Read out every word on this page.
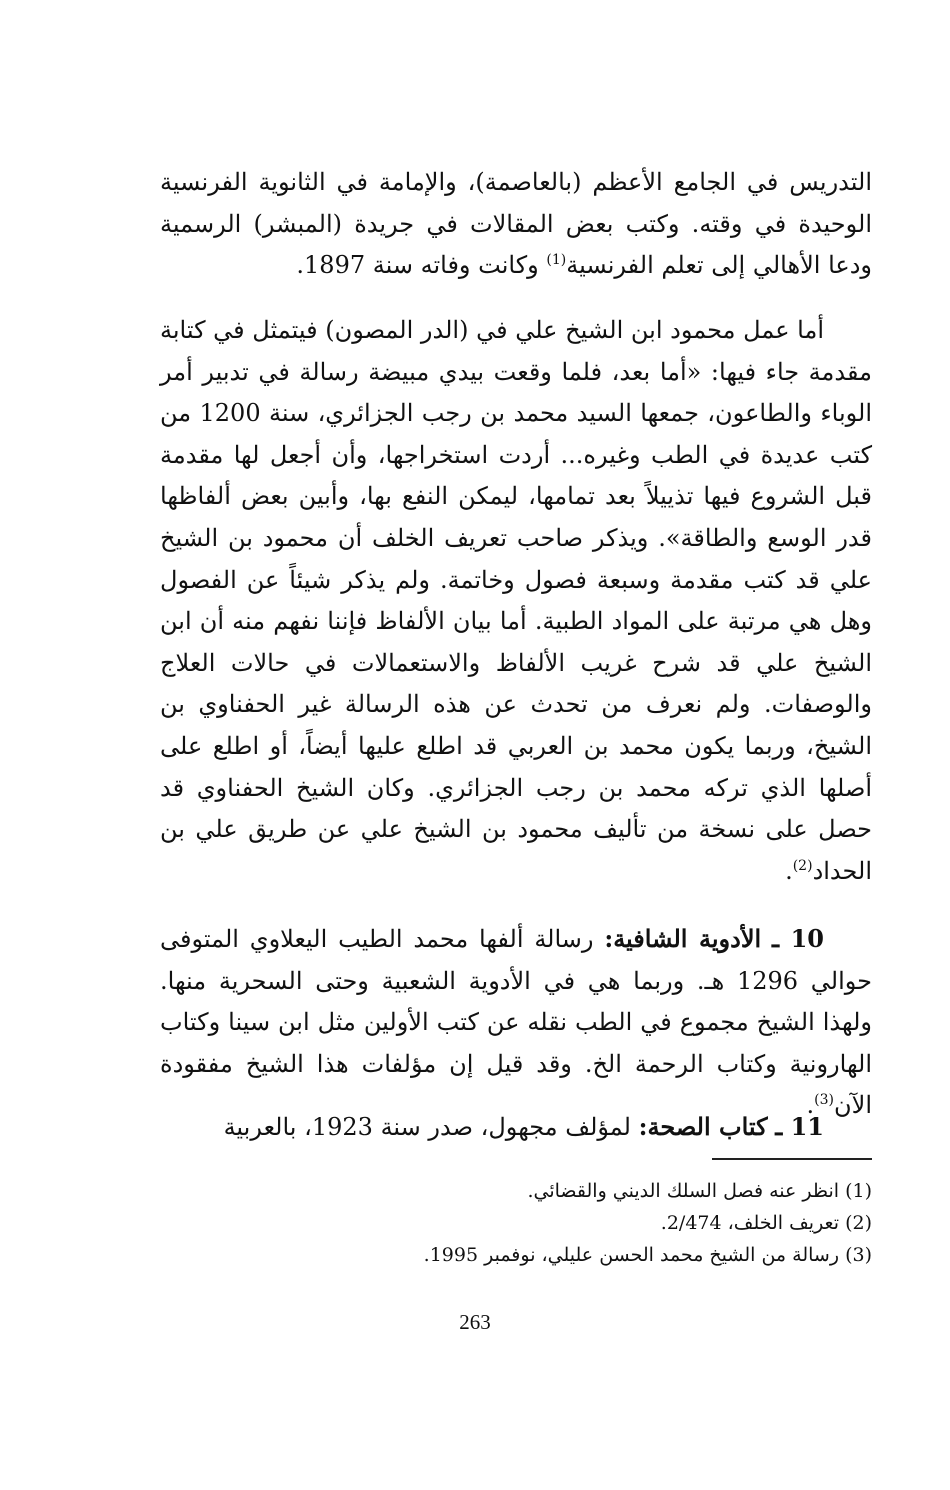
التدريس في الجامع الأعظم (بالعاصمة)، والإمامة في الثانوية الفرنسية الوحيدة في وقته. وكتب بعض المقالات في جريدة (المبشر) الرسمية ودعا الأهالي إلى تعلم الفرنسية$^{(1)}$ وكانت وفاته سنة 1897.

أما عمل محمود ابن الشيخ علي في (الدر المصون) فيتمثل في كتابة مقدمة جاء فيها: «أما بعد، فلما وقعت بيدي مبيضة رسالة في تدبير أمر الوباء والطاعون، جمعها السيد محمد بن رجب الجزائري، سنة 1200 من كتب عديدة في الطب وغيره... أردت استخراجها، وأن أجعل لها مقدمة قبل الشروع فيها تذييلاً بعد تمامها، ليمكن النفع بها، وأبين بعض ألفاظها قدر الوسع والطاقة». ويذكر صاحب تعريف الخلف أن محمود بن الشيخ علي قد كتب مقدمة وسبعة فصول وخاتمة. ولم يذكر شيئاً عن الفصول وهل هي مرتبة على المواد الطبية. أما بيان الألفاظ فإننا نفهم منه أن ابن الشيخ علي قد شرح غريب الألفاظ والاستعمالات في حالات العلاج والوصفات. ولم نعرف من تحدث عن هذه الرسالة غير الحفناوي بن الشيخ، وربما يكون محمد بن العربي قد اطلع عليها أيضاً، أو اطلع على أصلها الذي تركه محمد بن رجب الجزائري. وكان الشيخ الحفناوي قد حصل على نسخة من تأليف محمود بن الشيخ علي عن طريق علي بن الحداد$^{(2)}$.

10 ـ الأدوية الشافية: رسالة ألفها محمد الطيب اليعلاوي المتوفى حوالي 1296 هـ. وربما هي في الأدوية الشعبية وحتى السحرية منها. ولهذا الشيخ مجموع في الطب نقله عن كتب الأولين مثل ابن سينا وكتاب الهارونية وكتاب الرحمة الخ. وقد قيل إن مؤلفات هذا الشيخ مفقودة الآن$^{(3)}$.

11 ـ كتاب الصحة: لمؤلف مجهول، صدر سنة 1923، بالعربية

(1) انظر عنه فصل السلك الديني والقضائي.
(2) تعريف الخلف، 2/474.
(3) رسالة من الشيخ محمد الحسن عليلي، نوفمبر 1995.
263
